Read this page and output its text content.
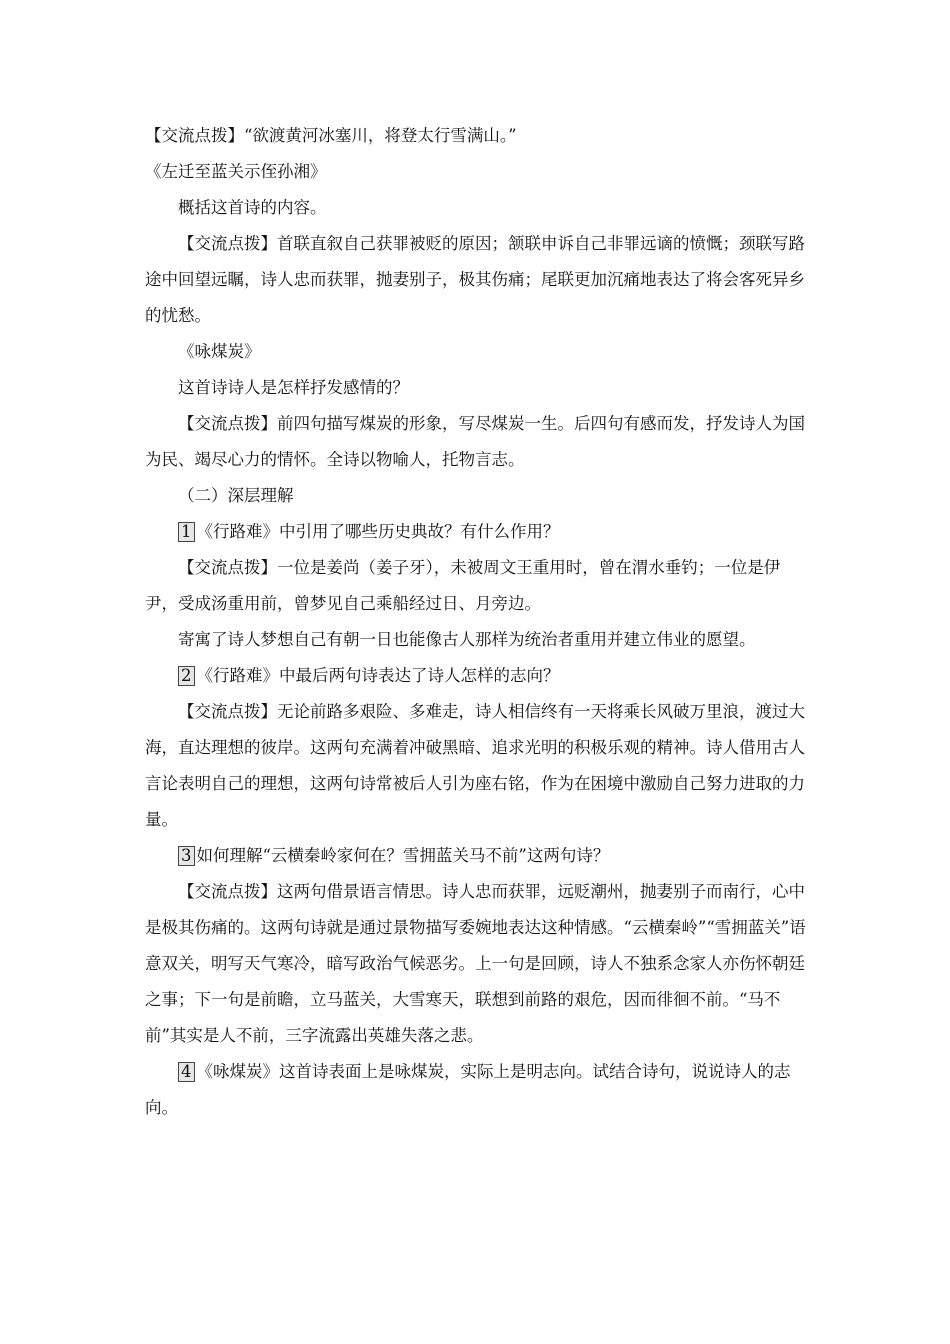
【交流点拨】“欲渡黄河冰塞川，将登太行雪满山。”

《左迁至蓝关示侄孙湘》

概括这首诗的内容。

【交流点拨】首联直叙自己获罪被贬的原因；颔联申诉自己非罪远谪的愤慨；颈联写路途中回望远瞩，诗人忠而获罪，抛妻别子，极其伤痛；尾联更加沉痛地表达了将会客死异乡的忧愁。

《咏煤炭》

这首诗诗人是怎样抒发感情的？

【交流点拨】前四句描写煤炭的形象，写尽煤炭一生。后四句有感而发，抒发诗人为国为民、竭尽心力的情怀。全诗以物喻人，托物言志。

（二）深层理解

1 《行路难》中引用了哪些历史典故？有什么作用？

【交流点拨】一位是姜尚（姜子牙），未被周文王重用时，曾在渭水垂钓；一位是伊尹，受成汤重用前，曾梦见自己乘船经过日、月旁边。

寄寓了诗人梦想自己有朝一日也能像古人那样为统治者重用并建立伟业的愿望。

2 《行路难》中最后两句诗表达了诗人怎样的志向？

【交流点拨】无论前路多艰险、多难走，诗人相信终有一天将乘长风破万里浪，渡过大海，直达理想的彼岸。这两句充满着冲破黑暗、追求光明的积极乐观的精神。诗人借用古人言论表明自己的理想，这两句诗常被后人引为座右铭，作为在困境中激励自己努力进取的力量。

3 如何理解“云横秦岭家何在？雪拥蓝关马不前”这两句诗？

【交流点拨】这两句借景语言情思。诗人忠而获罪，远贬潮州，抛妻别子而南行，心中是极其伤痛的。这两句诗就是通过景物描写委婉地表达这种情感。“云横秦岭”“雪拥蓝关”语意双关，明写天气寒冷，暗写政治气候恶劣。上一句是回顾，诗人不独系念家人亦伤怀朝廷之事；下一句是前瞻，立马蓝关，大雪寒天，联想到前路的艰危，因而徘徊不前。“马不前”其实是人不前，三字流露出英雄失落之悲。

4 《咏煤炭》这首诗表面上是咏煤炭，实际上是明志向。试结合诗句，说说诗人的志向。
